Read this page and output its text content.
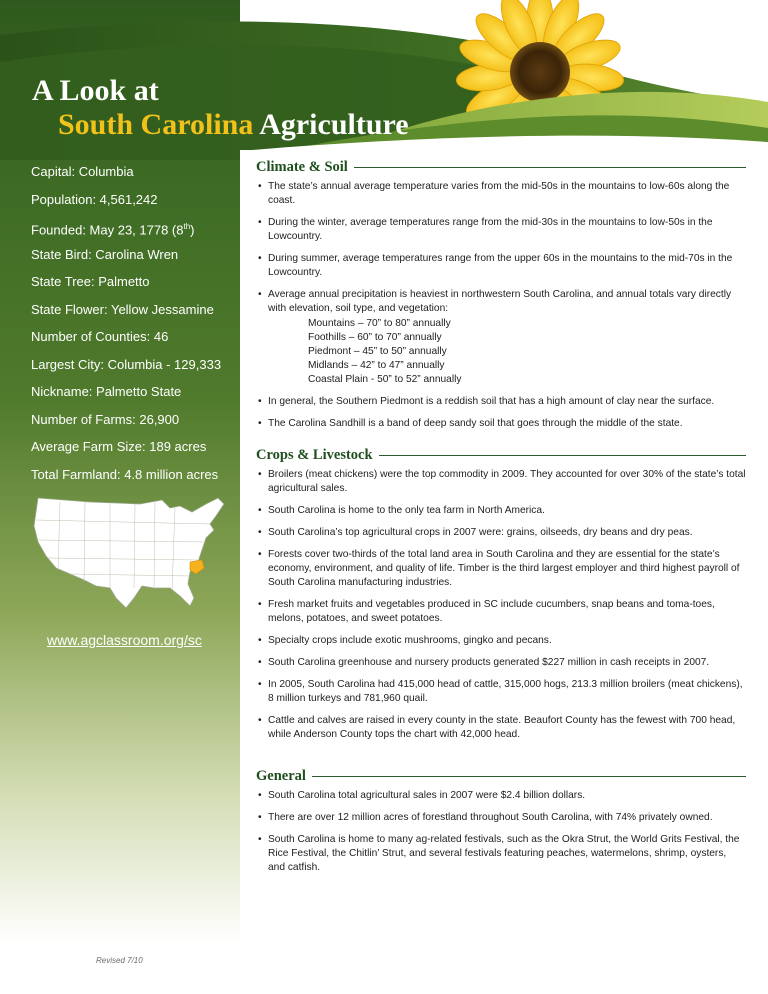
A Look at
South Carolina Agriculture
Capital: Columbia
Population: 4,561,242
Founded: May 23, 1778 (8th)
State Bird: Carolina Wren
State Tree: Palmetto
State Flower: Yellow Jessamine
Number of Counties: 46
Largest City: Columbia - 129,333
Nickname: Palmetto State
Number of Farms: 26,900
Average Farm Size: 189 acres
Total Farmland: 4.8 million acres
www.agclassroom.org/sc
Revised 7/10
Climate & Soil
• The state’s annual average temperature varies from the mid-50s in the mountains to low-60s along the coast.
• During the winter, average temperatures range from the mid-30s in the mountains to low-50s in the Lowcountry.
• During summer, average temperatures range from the upper 60s in the mountains to the mid-70s in the Lowcountry.
• Average annual precipitation is heaviest in northwestern South Carolina, and annual totals vary directly with elevation, soil type, and vegetation:
Mountains – 70” to 80” annually
Foothills – 60” to 70” annually
Piedmont – 45” to 50” annually
Midlands – 42” to 47” annually
Coastal Plain - 50” to 52” annually
• In general, the Southern Piedmont is a reddish soil that has a high amount of clay near the surface.
• The Carolina Sandhill is a band of deep sandy soil that goes through the middle of the state.
Crops & Livestock
• Broilers (meat chickens) were the top commodity in 2009. They accounted for over 30% of the state’s total agricultural sales.
• South Carolina is home to the only tea farm in North America.
• South Carolina’s top agricultural crops in 2007 were: grains, oilseeds, dry beans and dry peas.
• Forests cover two-thirds of the total land area in South Carolina and they are essential for the state’s economy, environment, and quality of life. Timber is the third largest employer and third highest payroll of South Carolina manufacturing industries.
• Fresh market fruits and vegetables produced in SC include cucumbers, snap beans and toma-toes, melons, potatoes, and sweet potatoes.
• Specialty crops include exotic mushrooms, gingko and pecans.
• South Carolina greenhouse and nursery products generated $227 million in cash receipts in 2007.
• In 2005, South Carolina had 415,000 head of cattle, 315,000 hogs, 213.3 million broilers (meat chickens), 8 million turkeys and 781,960 quail.
• Cattle and calves are raised in every county in the state. Beaufort County has the fewest with 700 head, while Anderson County tops the chart with 42,000 head.
General
• South Carolina total agricultural sales in 2007 were $2.4 billion dollars.
• There are over 12 million acres of forestland throughout South Carolina, with 74% privately owned.
• South Carolina is home to many ag-related festivals, such as the Okra Strut, the World Grits Festival, the Rice Festival, the Chitlin’ Strut, and several festivals featuring peaches, watermelons, shrimp, oysters, and catfish.
